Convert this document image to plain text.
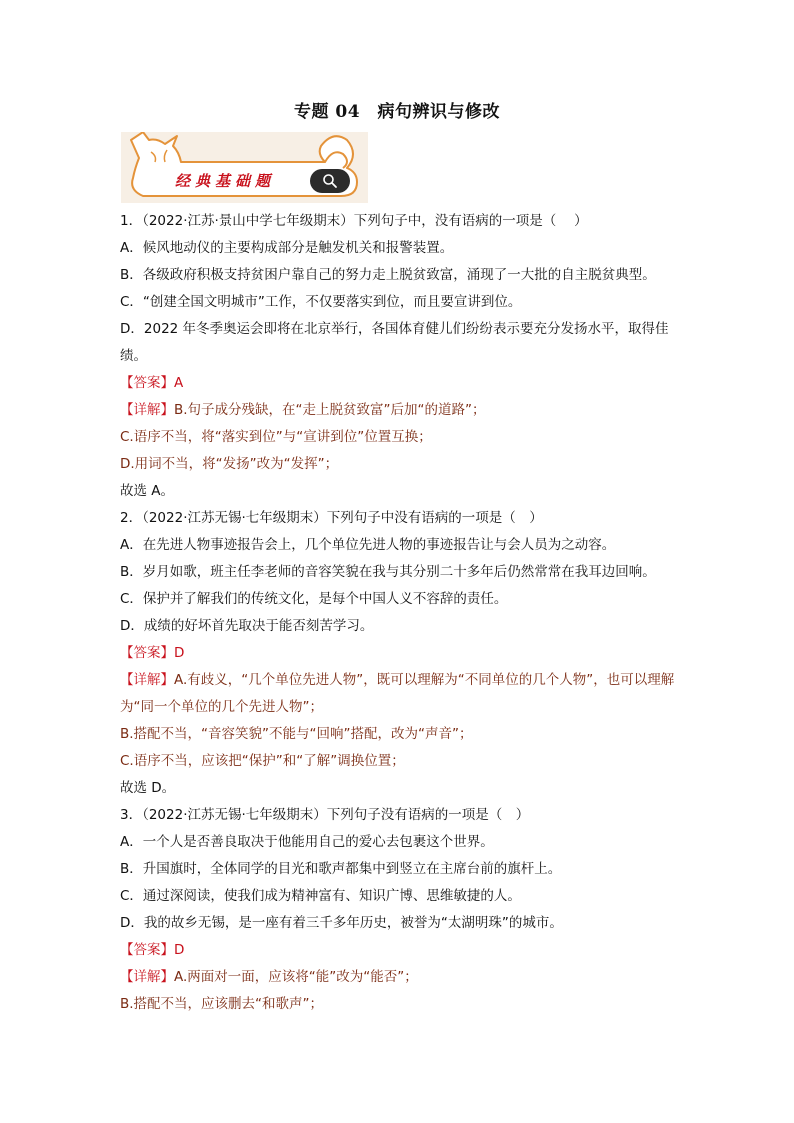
专题 04　病句辨识与修改
经典基础题
1．（2022·江苏·景山中学七年级期末）下列句子中，没有语病的一项是（　 ）
A．候风地动仪的主要构成部分是触发机关和报警装置。
B．各级政府积极支持贫困户靠自己的努力走上脱贫致富，涌现了一大批的自主脱贫典型。
C．“创建全国文明城市”工作，不仅要落实到位，而且要宣讲到位。
D．2022 年冬季奥运会即将在北京举行，各国体育健儿们纷纷表示要充分发扬水平，取得佳绩。
【答案】A
【详解】B.句子成分残缺，在“走上脱贫致富”后加“的道路”；
C.语序不当，将“落实到位”与“宣讲到位”位置互换；
D.用词不当，将“发扬”改为“发挥”；
故选 A。
2．（2022·江苏无锡·七年级期末）下列句子中没有语病的一项是（　）
A．在先进人物事迹报告会上，几个单位先进人物的事迹报告让与会人员为之动容。
B．岁月如歌，班主任李老师的音容笑貌在我与其分别二十多年后仍然常常在我耳边回响。
C．保护并了解我们的传统文化，是每个中国人义不容辞的责任。
D．成绩的好坏首先取决于能否刻苦学习。
【答案】D
【详解】A.有歧义，“几个单位先进人物”，既可以理解为“不同单位的几个人物”，也可以理解为“同一个单位的几个先进人物”；
B.搭配不当，“音容笑貌”不能与“回响”搭配，改为“声音”；
C.语序不当，应该把“保护”和“了解”调换位置；
故选 D。
3．（2022·江苏无锡·七年级期末）下列句子没有语病的一项是（　）
A．一个人是否善良取决于他能用自己的爱心去包裹这个世界。
B．升国旗时，全体同学的目光和歌声都集中到竖立在主席台前的旗杆上。
C．通过深阅读，使我们成为精神富有、知识广博、思维敏捷的人。
D．我的故乡无锡，是一座有着三千多年历史，被誉为“太湖明珠”的城市。
【答案】D
【详解】A.两面对一面，应该将“能”改为“能否”；
B.搭配不当，应该删去“和歌声”；
